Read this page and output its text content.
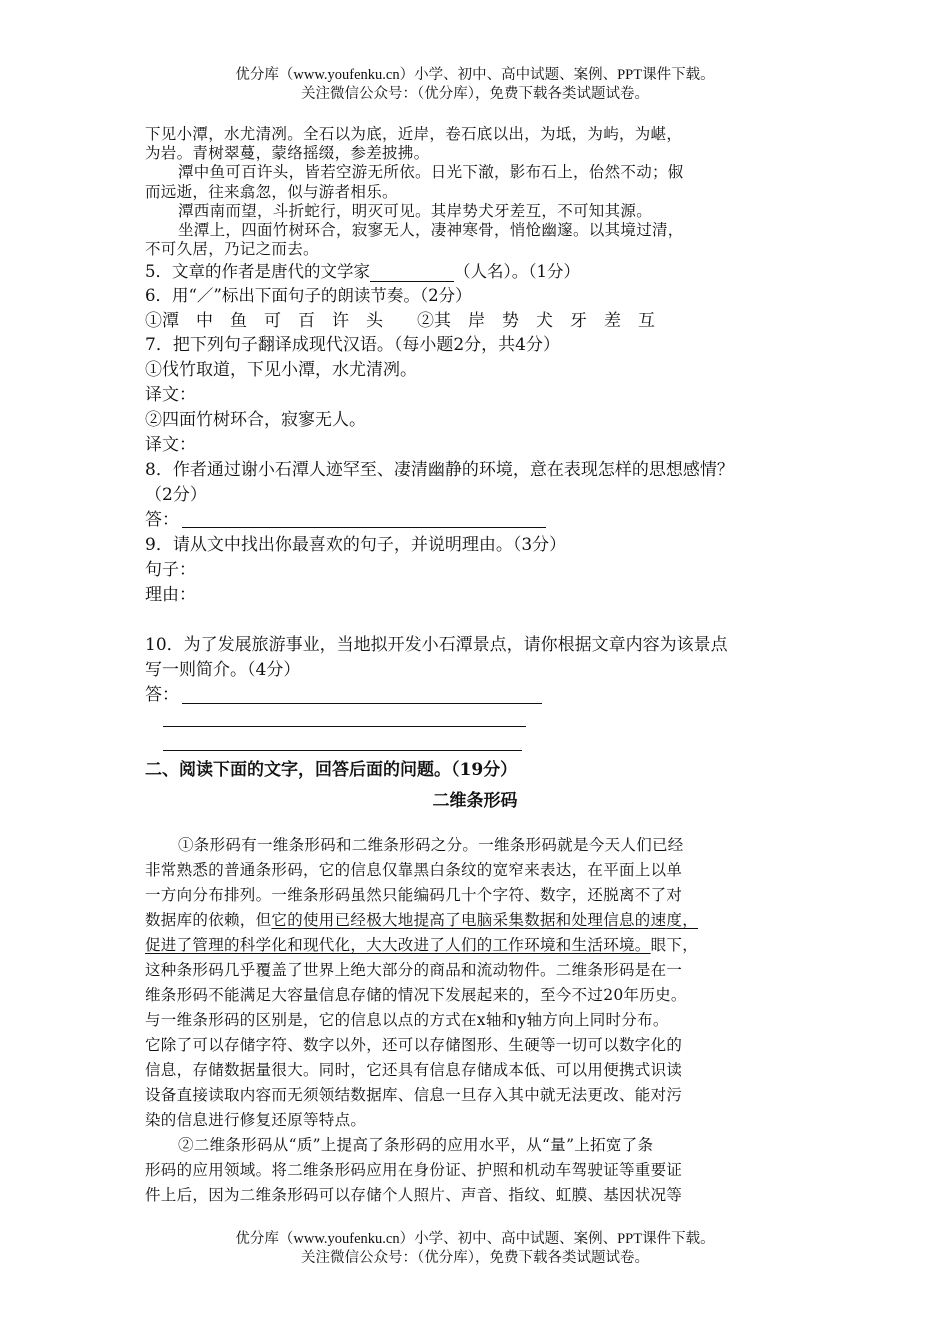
优分库（www.youfenku.cn）小学、初中、高中试题、案例、PPT课件下载。
关注微信公众号：（优分库），免费下载各类试题试卷。
下见小潭，水尤清冽。全石以为底，近岸，卷石底以出，为坻，为屿，为嵁，
为岩。青树翠蔓，蒙络摇缀，参差披拂。
潭中鱼可百许头，皆若空游无所依。日光下澈，影布石上，佁然不动；俶
而远逝，往来翕忽，似与游者相乐。
潭西南而望，斗折蛇行，明灭可见。其岸势犬牙差互，不可知其源。
坐潭上，四面竹树环合，寂寥无人，凄神寒骨，悄怆幽邃。以其境过清，
不可久居，乃记之而去。
5．文章的作者是唐代的文学家	（人名）。（1分）
6．用“／”标出下面句子的朗读节奏。（2分）
①潭　中　鱼　可　百　许　头　　②其　岸　势　犬　牙　差　互
7．把下列句子翻译成现代汉语。（每小题2分，共4分）
①伐竹取道，下见小潭，水尤清冽。
译文：
②四面竹树环合，寂寥无人。
译文：
8．作者通过谢小石潭人迹罕至、凄清幽静的环境，意在表现怎样的思想感情？
（2分）
答：
9．请从文中找出你最喜欢的句子，并说明理由。（3分）
句子：
理由：
10．为了发展旅游事业，当地拟开发小石潭景点，请你根据文章内容为该景点
写一则简介。（4分）
答：
二、阅读下面的文字，回答后面的问题。（19分）
二维条形码
①条形码有一维条形码和二维条形码之分。一维条形码就是今天人们已经
非常熟悉的普通条形码，它的信息仅靠黑白条纹的宽窄来表达，在平面上以单
一方向分布排列。一维条形码虽然只能编码几十个字符、数字，还脱离不了对
数据库的依赖，但它的使用已经极大地提高了电脑采集数据和处理信息的速度，
促进了管理的科学化和现代化，大大改进了人们的工作环境和生活环境。眼下，
这种条形码几乎覆盖了世界上绝大部分的商品和流动物件。二维条形码是在一
维条形码不能满足大容量信息存储的情况下发展起来的，至今不过20年历史。
与一维条形码的区别是，它的信息以点的方式在x轴和y轴方向上同时分布。
它除了可以存储字符、数字以外，还可以存储图形、生硬等一切可以数字化的
信息，存储数据量很大。同时，它还具有信息存储成本低、可以用便携式识读
设备直接读取内容而无须领结数据库、信息一旦存入其中就无法更改、能对污
染的信息进行修复还原等特点。
②二维条形码从“质”上提高了条形码的应用水平，从“量”上拓宽了条
形码的应用领域。将二维条形码应用在身份证、护照和机动车驾驶证等重要证
件上后，因为二维条形码可以存储个人照片、声音、指纹、虹膜、基因状况等
优分库（www.youfenku.cn）小学、初中、高中试题、案例、PPT课件下载。
关注微信公众号：（优分库），免费下载各类试题试卷。
